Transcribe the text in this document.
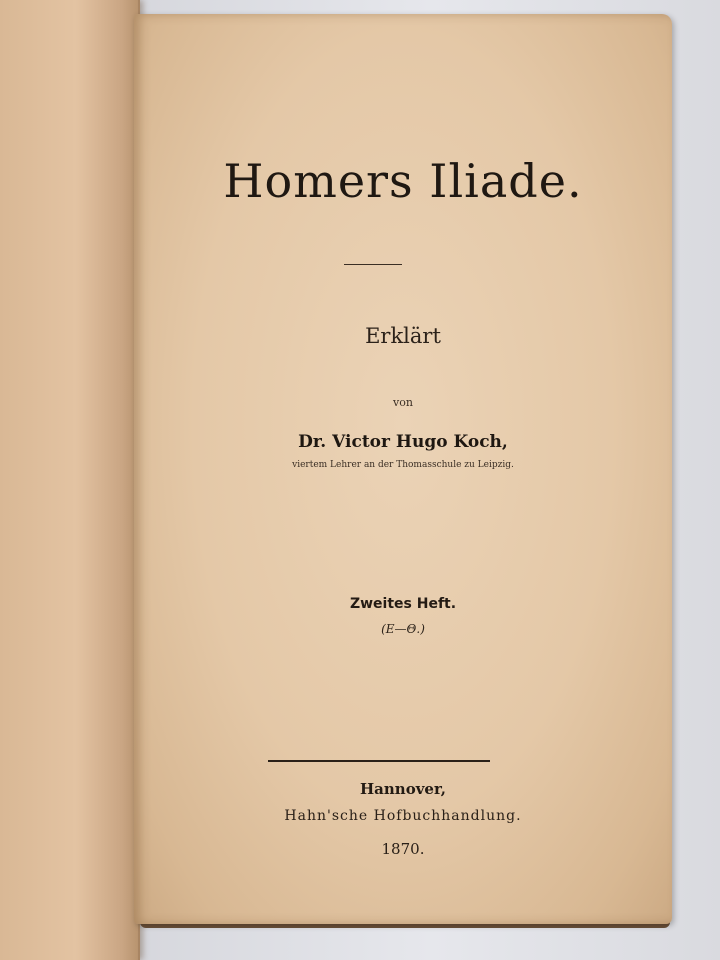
Homers Iliade.

Erklärt

von

Dr. Victor Hugo Koch,

viertem Lehrer an der Thomasschule zu Leipzig.

Zweites Heft.

(E—Θ.)

Hannover,

Hahn'sche Hofbuchhandlung.

1870.
